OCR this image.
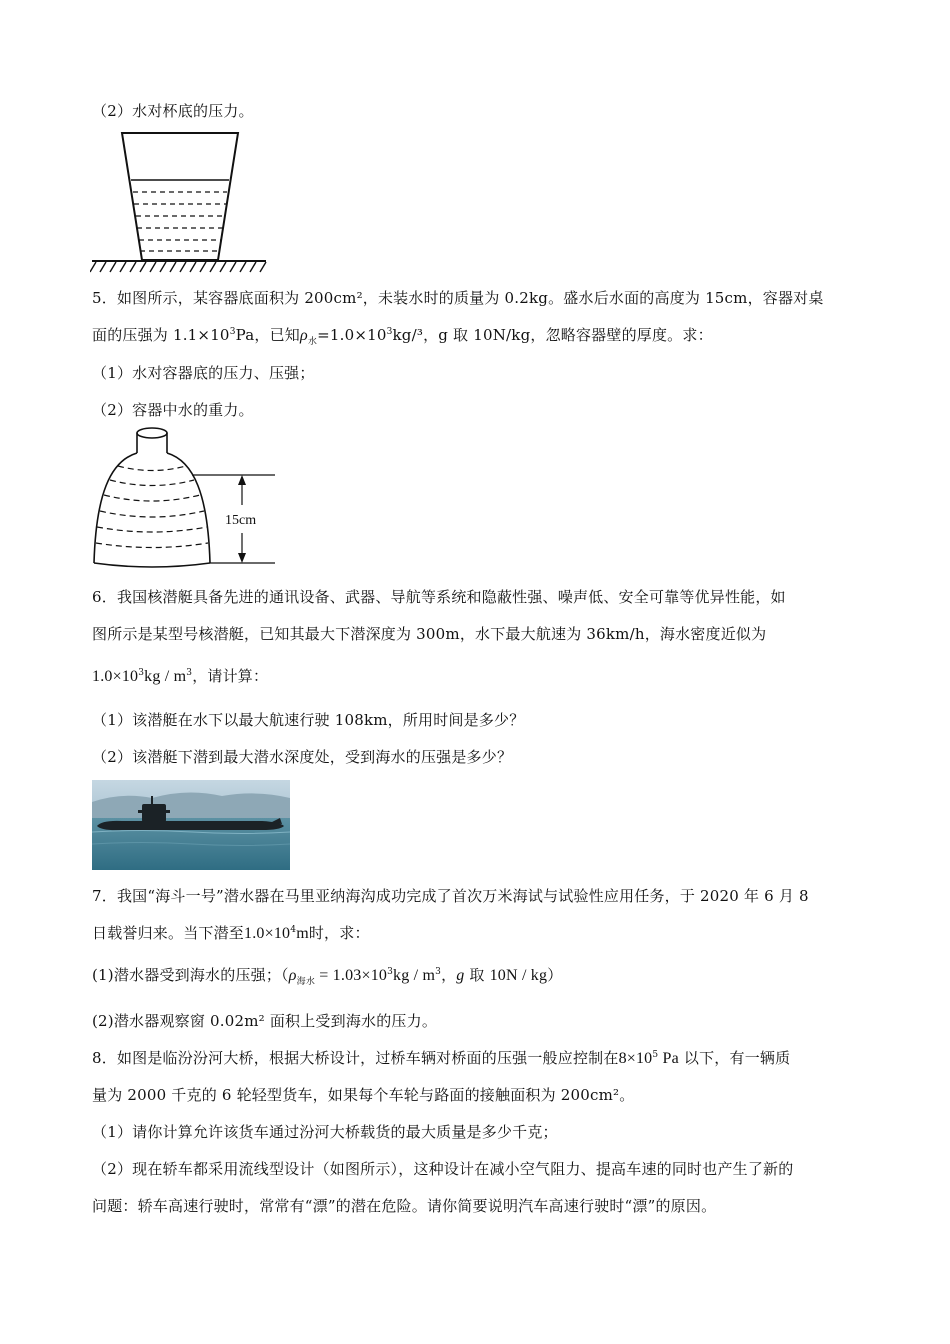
（2）水对杯底的压力。
5．如图所示，某容器底面积为 200cm²，未装水时的质量为 0.2kg。盛水后水面的高度为 15cm，容器对桌
面的压强为 $1.1\times 10^3Pa$，已知$\rho_水=1.0\times 10^3kg/^3$，g 取 10N/kg，忽略容器壁的厚度。求：
（1）水对容器底的压力、压强；
（2）容器中水的重力。
15cm
6．我国核潜艇具备先进的通讯设备、武器、导航等系统和隐蔽性强、噪声低、安全可靠等优异性能，如
图所示是某型号核潜艇，已知其最大下潜深度为 300m，水下最大航速为 36km/h，海水密度近似为
$1.0\times 10^3kg / m^3$，请计算：
（1）该潜艇在水下以最大航速行驶 108km，所用时间是多少？
（2）该潜艇下潜到最大潜水深度处，受到海水的压强是多少？
7．我国“海斗一号”潜水器在马里亚纳海沟成功完成了首次万米海试与试验性应用任务，于 2020 年 6 月 8
日载誉归来。当下潜至$1.0\times 10^4m$时，求：
(1)潜水器受到海水的压强；（$\rho_{海水} = 1.03\times 10^3kg / m^3$，g 取 10N / kg）
(2)潜水器观察窗 0.02m² 面积上受到海水的压力。
8．如图是临汾汾河大桥，根据大桥设计，过桥车辆对桥面的压强一般应控制在$8\times 10^5$ Pa 以下，有一辆质
量为 2000 千克的 6 轮轻型货车，如果每个车轮与路面的接触面积为 200cm²。
（1）请你计算允许该货车通过汾河大桥载货的最大质量是多少千克；
（2）现在轿车都采用流线型设计（如图所示），这种设计在减小空气阻力、提高车速的同时也产生了新的
问题：轿车高速行驶时，常常有“漂”的潜在危险。请你简要说明汽车高速行驶时“漂”的原因。
